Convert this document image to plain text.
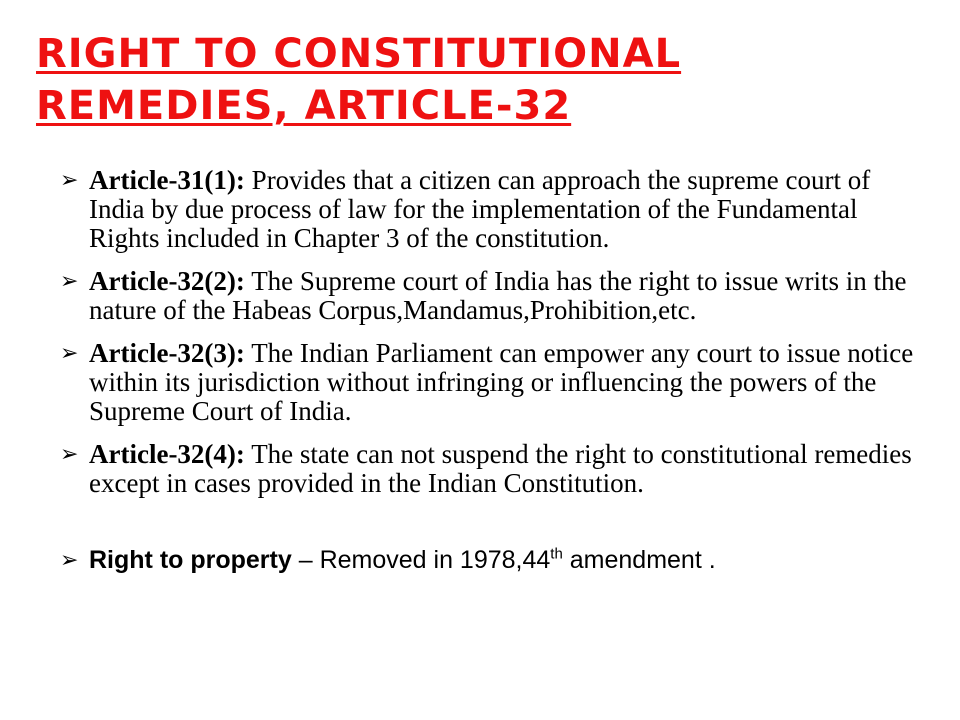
RIGHT TO CONSTITUTIONAL REMEDIES, ARTICLE-32
➢ Article-31(1): Provides that a citizen can approach the supreme court of India by due process of law for the implementation of the Fundamental Rights included in Chapter 3 of the constitution.
➢ Article-32(2): The Supreme court of India has the right to issue writs in the nature of the Habeas Corpus,Mandamus,Prohibition,etc.
➢ Article-32(3): The Indian Parliament can empower any court to issue notice within its jurisdiction without infringing or influencing the powers of the Supreme Court of India.
➢ Article-32(4): The state can not suspend the right to constitutional remedies except in cases provided in the Indian Constitution.
➢ Right to property – Removed in 1978,44th amendment .
